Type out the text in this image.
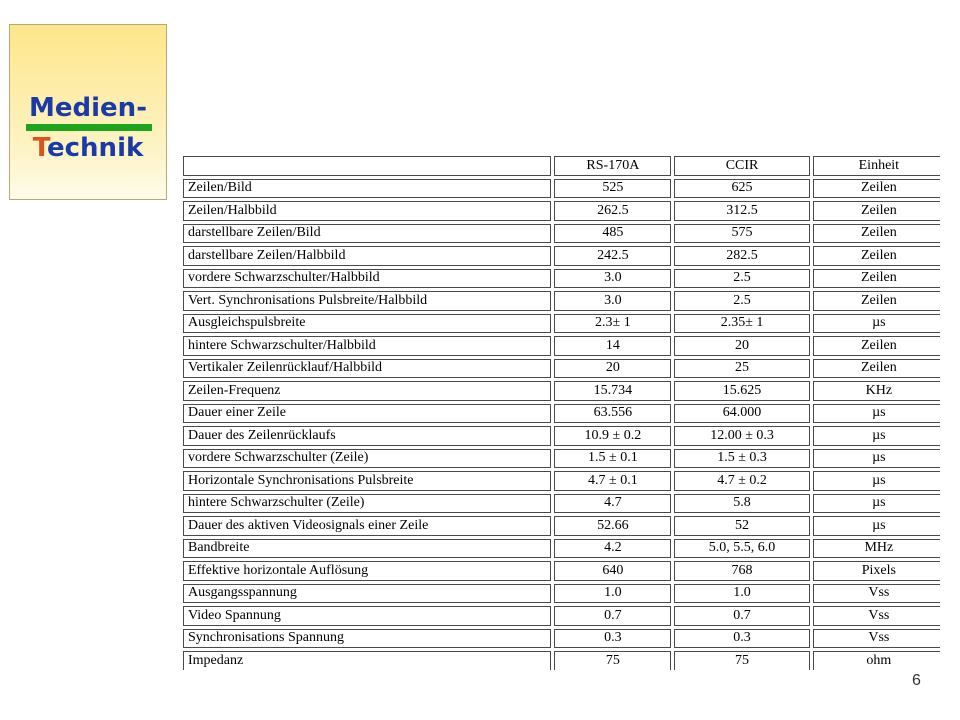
Medien-
Technik
	RS-170A	CCIR	Einheit
Zeilen/Bild	525	625	Zeilen
Zeilen/Halbbild	262.5	312.5	Zeilen
darstellbare Zeilen/Bild	485	575	Zeilen
darstellbare Zeilen/Halbbild	242.5	282.5	Zeilen
vordere Schwarzschulter/Halbbild	3.0	2.5	Zeilen
Vert. Synchronisations Pulsbreite/Halbbild	3.0	2.5	Zeilen
Ausgleichspulsbreite	2.3± 1	2.35± 1	µs
hintere Schwarzschulter/Halbbild	14	20	Zeilen
Vertikaler Zeilenrücklauf/Halbbild	20	25	Zeilen
Zeilen-Frequenz	15.734	15.625	KHz
Dauer einer Zeile	63.556	64.000	µs
Dauer des Zeilenrücklaufs	10.9 ± 0.2	12.00 ± 0.3	µs
vordere Schwarzschulter (Zeile)	1.5 ± 0.1	1.5 ± 0.3	µs
Horizontale Synchronisations Pulsbreite	4.7 ± 0.1	4.7 ± 0.2	µs
hintere Schwarzschulter (Zeile)	4.7	5.8	µs
Dauer des aktiven Videosignals einer Zeile	52.66	52	µs
Bandbreite	4.2	5.0, 5.5, 6.0	MHz
Effektive horizontale Auflösung	640	768	Pixels
Ausgangsspannung	1.0	1.0	Vss
Video Spannung	0.7	0.7	Vss
Synchronisations Spannung	0.3	0.3	Vss
Impedanz	75	75	ohm
6
